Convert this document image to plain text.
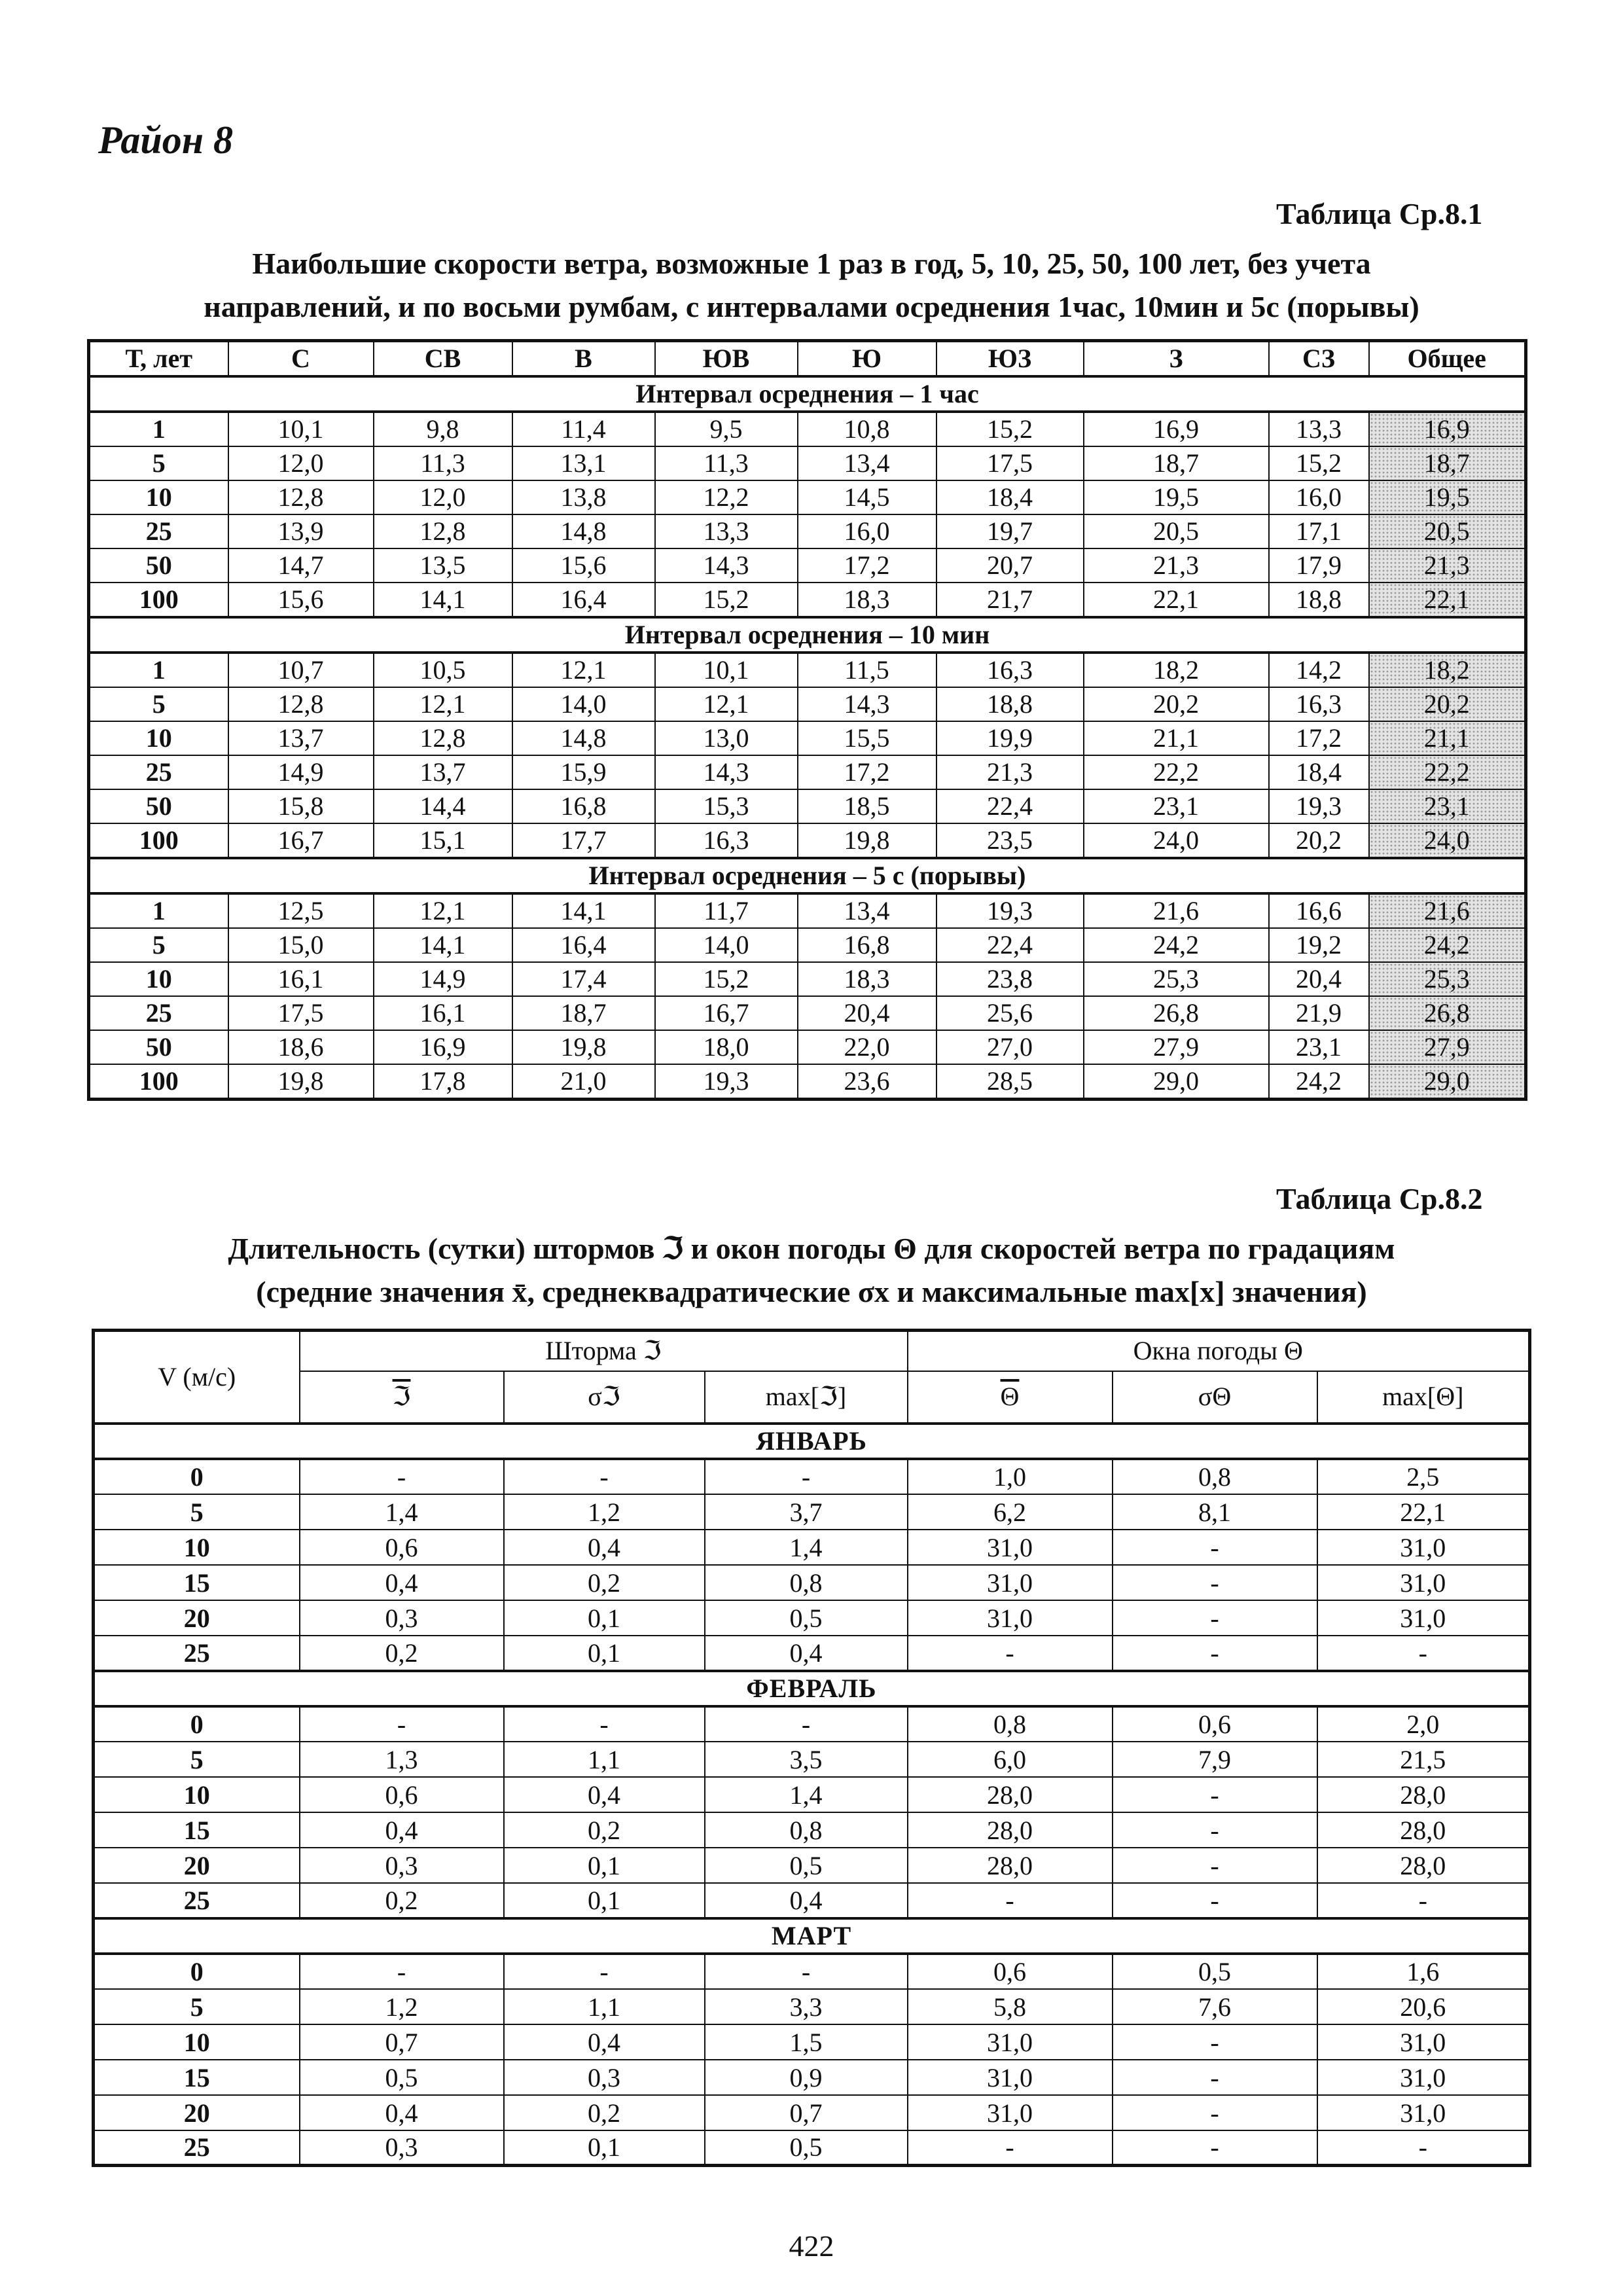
Район 8

Таблица Ср.8.1

Наибольшие скорости ветра, возможные 1 раз в год, 5, 10, 25, 50, 100 лет, без учета
направлений, и по восьми румбам, с интервалами осреднения 1час, 10мин и 5с (порывы)
Т, лет	С	СВ	В	ЮВ	Ю	ЮЗ	З	СЗ	Общее
Интервал осреднения – 1 час									
1	10,1	9,8	11,4	9,5	10,8	15,2	16,9	13,3	16,9
5	12,0	11,3	13,1	11,3	13,4	17,5	18,7	15,2	18,7
10	12,8	12,0	13,8	12,2	14,5	18,4	19,5	16,0	19,5
25	13,9	12,8	14,8	13,3	16,0	19,7	20,5	17,1	20,5
50	14,7	13,5	15,6	14,3	17,2	20,7	21,3	17,9	21,3
100	15,6	14,1	16,4	15,2	18,3	21,7	22,1	18,8	22,1
Интервал осреднения – 10 мин									
1	10,7	10,5	12,1	10,1	11,5	16,3	18,2	14,2	18,2
5	12,8	12,1	14,0	12,1	14,3	18,8	20,2	16,3	20,2
10	13,7	12,8	14,8	13,0	15,5	19,9	21,1	17,2	21,1
25	14,9	13,7	15,9	14,3	17,2	21,3	22,2	18,4	22,2
50	15,8	14,4	16,8	15,3	18,5	22,4	23,1	19,3	23,1
100	16,7	15,1	17,7	16,3	19,8	23,5	24,0	20,2	24,0
Интервал осреднения – 5 с (порывы)									
1	12,5	12,1	14,1	11,7	13,4	19,3	21,6	16,6	21,6
5	15,0	14,1	16,4	14,0	16,8	22,4	24,2	19,2	24,2
10	16,1	14,9	17,4	15,2	18,3	23,8	25,3	20,4	25,3
25	17,5	16,1	18,7	16,7	20,4	25,6	26,8	21,9	26,8
50	18,6	16,9	19,8	18,0	22,0	27,0	27,9	23,1	27,9
100	19,8	17,8	21,0	19,3	23,6	28,5	29,0	24,2	29,0

Таблица Ср.8.2

Длительность (сутки) штормов ℑ и окон погоды Θ для скоростей ветра по градациям
(средние значения x̄, среднеквадратические σx и максимальные max[x] значения)
V (м/с)	Шторма ℑ			Окна погоды Θ		
	ℑ	σℑ	max[ℑ]	$\overline{\Theta}$	σΘ	max[Θ]
ЯНВАРЬ						
0	-	-	-	1,0	0,8	2,5
5	1,4	1,2	3,7	6,2	8,1	22,1
10	0,6	0,4	1,4	31,0	-	31,0
15	0,4	0,2	0,8	31,0	-	31,0
20	0,3	0,1	0,5	31,0	-	31,0
25	0,2	0,1	0,4	-	-	-
ФЕВРАЛЬ						
0	-	-	-	0,8	0,6	2,0
5	1,3	1,1	3,5	6,0	7,9	21,5
10	0,6	0,4	1,4	28,0	-	28,0
15	0,4	0,2	0,8	28,0	-	28,0
20	0,3	0,1	0,5	28,0	-	28,0
25	0,2	0,1	0,4	-	-	-
МАРТ						
0	-	-	-	0,6	0,5	1,6
5	1,2	1,1	3,3	5,8	7,6	20,6
10	0,7	0,4	1,5	31,0	-	31,0
15	0,5	0,3	0,9	31,0	-	31,0
20	0,4	0,2	0,7	31,0	-	31,0
25	0,3	0,1	0,5	-	-	-

422
